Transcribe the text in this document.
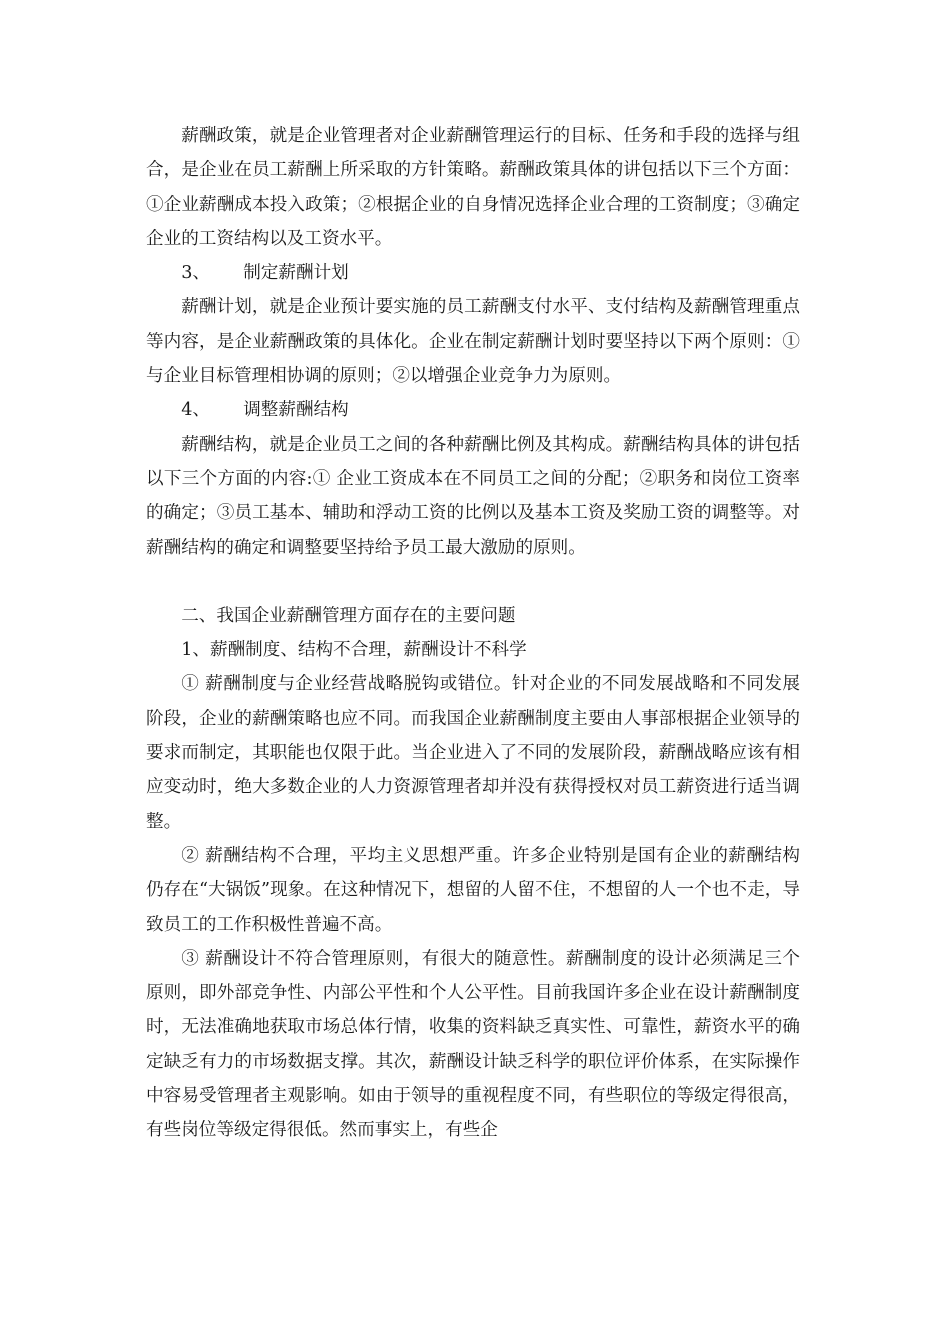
薪酬政策，就是企业管理者对企业薪酬管理运行的目标、任务和手段的选择与组合，是企业在员工薪酬上所采取的方针策略。薪酬政策具体的讲包括以下三个方面：①企业薪酬成本投入政策；②根据企业的自身情况选择企业合理的工资制度；③确定企业的工资结构以及工资水平。

3、 制定薪酬计划

薪酬计划，就是企业预计要实施的员工薪酬支付水平、支付结构及薪酬管理重点等内容，是企业薪酬政策的具体化。企业在制定薪酬计划时要坚持以下两个原则：①与企业目标管理相协调的原则；②以增强企业竞争力为原则。

4、 调整薪酬结构

薪酬结构，就是企业员工之间的各种薪酬比例及其构成。薪酬结构具体的讲包括以下三个方面的内容:① 企业工资成本在不同员工之间的分配；②职务和岗位工资率的确定；③员工基本、辅助和浮动工资的比例以及基本工资及奖励工资的调整等。对薪酬结构的确定和调整要坚持给予员工最大激励的原则。

二、我国企业薪酬管理方面存在的主要问题

1、薪酬制度、结构不合理，薪酬设计不科学

① 薪酬制度与企业经营战略脱钩或错位。针对企业的不同发展战略和不同发展阶段，企业的薪酬策略也应不同。而我国企业薪酬制度主要由人事部根据企业领导的要求而制定，其职能也仅限于此。当企业进入了不同的发展阶段，薪酬战略应该有相应变动时，绝大多数企业的人力资源管理者却并没有获得授权对员工薪资进行适当调整。

② 薪酬结构不合理，平均主义思想严重。许多企业特别是国有企业的薪酬结构仍存在“大锅饭”现象。在这种情况下，想留的人留不住，不想留的人一个也不走，导致员工的工作积极性普遍不高。

③ 薪酬设计不符合管理原则，有很大的随意性。薪酬制度的设计必须满足三个原则，即外部竞争性、内部公平性和个人公平性。目前我国许多企业在设计薪酬制度时，无法准确地获取市场总体行情，收集的资料缺乏真实性、可靠性，薪资水平的确定缺乏有力的市场数据支撑。其次，薪酬设计缺乏科学的职位评价体系，在实际操作中容易受管理者主观影响。如由于领导的重视程度不同，有些职位的等级定得很高，有些岗位等级定得很低。然而事实上，有些企
